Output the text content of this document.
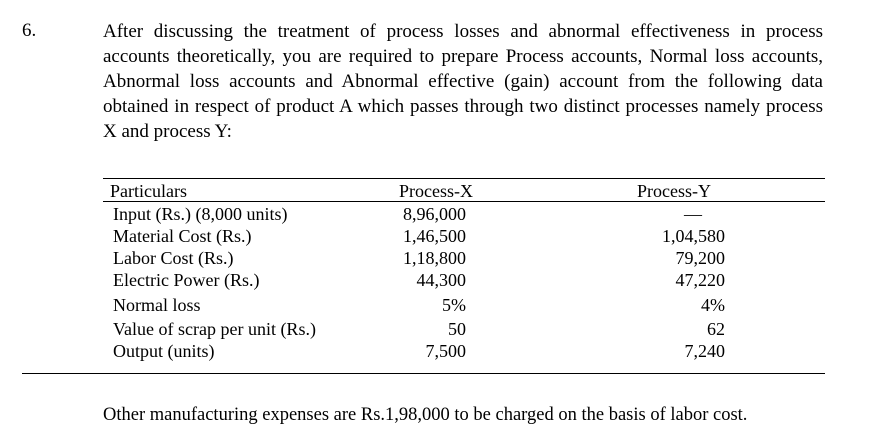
6.	After discussing the treatment of process losses and abnormal effectiveness in process accounts theoretically, you are required to prepare Process accounts, Normal loss accounts, Abnormal loss accounts and Abnormal effective (gain) account from the following data obtained in respect of product A which passes through two distinct processes namely process X and process Y:
Particulars	Process-X	Process-Y
Input (Rs.) (8,000 units)	8,96,000	—
Material Cost (Rs.)	1,46,500	1,04,580
Labor Cost (Rs.)	1,18,800	79,200
Electric Power (Rs.)	44,300	47,220
Normal loss	5%	4%
Value of scrap per unit (Rs.)	50	62
Output (units)	7,500	7,240
Other manufacturing expenses are Rs.1,98,000 to be charged on the basis of labor cost.
